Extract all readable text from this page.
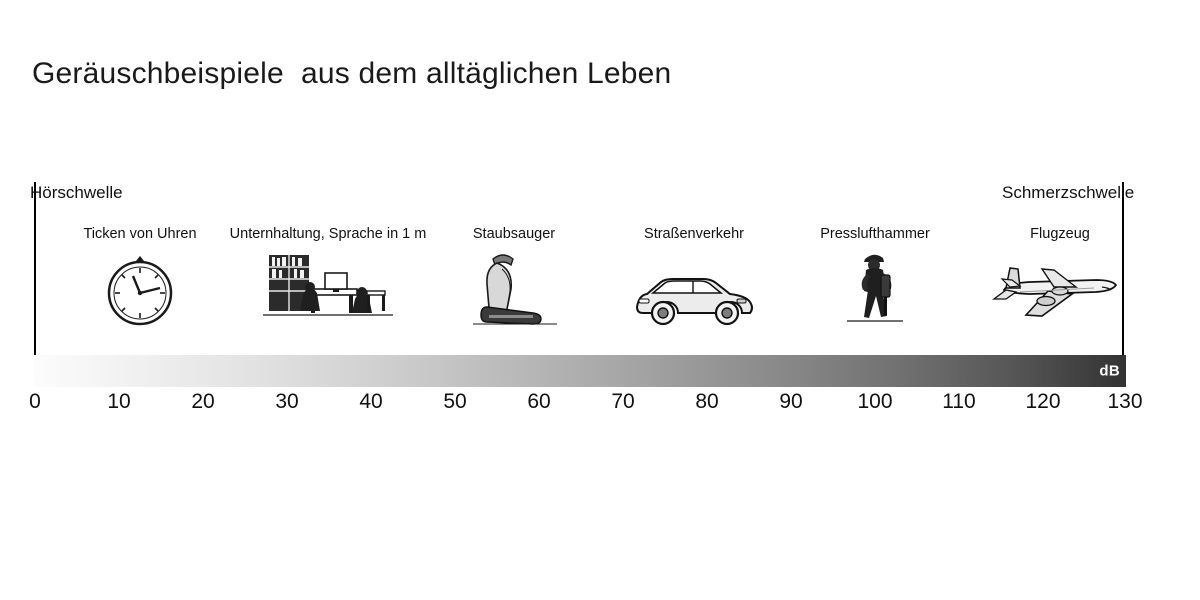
Geräuschbeispiele  aus dem alltäglichen Leben
Hörschwelle	Schmerzschwelle
Ticken von Uhren	Unternhaltung, Sprache in 1 m	Staubsauger	Straßenverkehr	Presslufthammer	Flugzeug
dB
0	10	20	30	40	50	60	70	80	90	100 110 120 130
